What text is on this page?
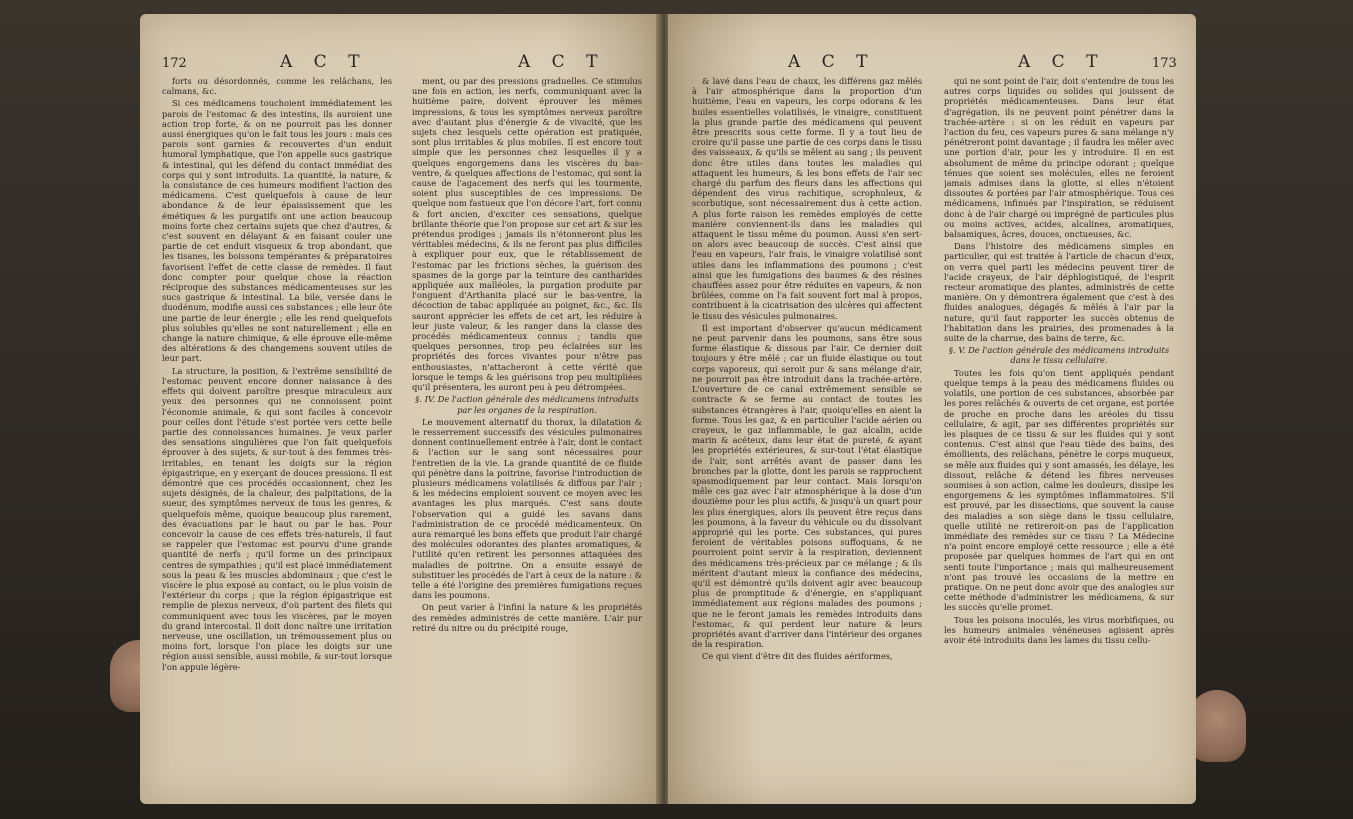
172	A C T	A C T

forts ou désordonnés, comme les relâchans, les calmans, &c.

Si ces médicamens touchoient immédiatement les parois de l'estomac & des intestins, ils auroient une action trop forte, & on ne pourroit pas les donner aussi énergiques qu'on le fait tous les jours : mais ces parois sont garnies & recouvertes d'un enduit humoral lymphatique, que l'on appelle sucs gastrique & intestinal, qui les défend du contact immédiat des corps qui y sont introduits. La quantité, la nature, & la consistance de ces humeurs modifient l'action des médicamens. C'est quelquefois à cause de leur abondance & de leur épaississement que les émétiques & les purgatifs ont une action beaucoup moins forte chez certains sujets que chez d'autres, & c'est souvent en délayant & en faisant couler une partie de cet enduit visqueux & trop abondant, que les tisanes, les boissons tempérantes & préparatoires favorisent l'effet de cette classe de remèdes. Il faut donc compter pour quelque chose la réaction réciproque des substances médicamenteuses sur les sucs gastrique & intestinal. La bile, versée dans le duodénum, modifie aussi ces substances ; elle leur ôte une partie de leur énergie ; elle les rend quelquefois plus solubles qu'elles ne sont naturellement ; elle en change la nature chimique, & elle éprouve elle-même des altérations & des changemens souvent utiles de leur part.

La structure, la position, & l'extrême sensibilité de l'estomac peuvent encore donner naissance à des effets qui doivent paroître presque miraculeux aux yeux des personnes qui ne connoissent point l'économie animale, & qui sont faciles à concevoir pour celles dont l'étude s'est portée vers cette belle partie des connoissances humaines. Je veux parler des sensations singulières que l'on fait quelquefois éprouver à des sujets, & sur-tout à des femmes très-irritables, en tenant les doigts sur la région épigastrique, en y exerçant de douces pressions. Il est démontré que ces procédés occasionnent, chez les sujets désignés, de la chaleur, des palpitations, de la sueur, des symptômes nerveux de tous les genres, & quelquefois même, quoique beaucoup plus rarement, des évacuations par le haut ou par le bas. Pour concevoir la cause de ces effets très-naturels, il faut se rappeler que l'estomac est pourvu d'une grande quantité de nerfs ; qu'il forme un des principaux centres de sympathies ; qu'il est placé immédiatement sous la peau & les muscles abdominaux ; que c'est le viscère le plus exposé au contact, ou le plus voisin de l'extérieur du corps ; que la région épigastrique est remplie de plexus nerveux, d'où partent des filets qui communiquent avec tous les viscères, par le moyen du grand intercostal. Il doit donc naître une irritation nerveuse, une oscillation, un trémoussement plus ou moins fort, lorsque l'on place les doigts sur une région aussi sensible, aussi mobile, & sur-tout lorsque l'on appuie légère-

ment, ou par des pressions graduelles. Ce stimulus une fois en action, les nerfs, communiquant avec la huitième paire, doivent éprouver les mêmes impressions, & tous les symptômes nerveux paroître avec d'autant plus d'énergie & de vivacité, que les sujets chez lesquels cette opération est pratiquée, sont plus irritables & plus mobiles. Il est encore tout simple que les personnes chez lesquelles il y a quelques engorgemens dans les viscères du bas-ventre, & quelques affections de l'estomac, qui sont la cause de l'agacement des nerfs qui les tourmente, soient plus susceptibles de ces impressions. De quelque nom fastueux que l'on décore l'art, fort connu & fort ancien, d'exciter ces sensations, quelque brillante théorie que l'on propose sur cet art & sur les prétendus prodiges ; jamais ils n'étonneront plus les véritables médecins, & ils ne feront pas plus difficiles à expliquer pour eux, que le rétablissement de l'estomac par les frictions sèches, la guérison des spasmes de la gorge par la teinture des cantharides appliquée aux malléoles, la purgation produite par l'onguent d'Arthanita placé sur le bas-ventre, la décoction de tabac appliquée au poignet, &c., &c. Ils sauront apprécier les effets de cet art, les réduire à leur juste valeur, & les ranger dans la classe des procédés médicamenteux connus ; tandis que quelques personnes, trop peu éclairées sur les propriétés des forces vivantes pour n'être pas enthousiastes, n'attacheront à cette vérité que lorsque le temps & les guérisons trop peu multipliées qu'il présentera, les auront peu à peu détrompées.

§. IV. De l'action générale des médicamens introduits par les organes de la respiration.

Le mouvement alternatif du thorax, la dilatation & le resserrement successifs des vésicules pulmonaires donnent continuellement entrée à l'air, dont le contact & l'action sur le sang sont nécessaires pour l'entretien de la vie. La grande quantité de ce fluide qui pénètre dans la poitrine, favorise l'introduction de plusieurs médicamens volatilisés & diffous par l'air ; & les médecins emploient souvent ce moyen avec les avantages les plus marqués. C'est sans doute l'observation qui a guidé les savans dans l'administration de ce procédé médicamenteux. On aura remarqué les bons effets que produit l'air chargé des molécules odorantes des plantes aromatiques, & l'utilité qu'en retirent les personnes attaquées des maladies de poitrine. On a ensuite essayé de substituer les procédés de l'art à ceux de la nature : & telle a été l'origine des premières fumigations reçues dans les poumons.

On peut varier à l'infini la nature & les propriétés des remèdes administrés de cette manière. L'air pur retiré du nitre ou du précipité rouge,

A C T	A C T	173

& lavé dans l'eau de chaux, les différens gaz mêlés à l'air atmosphérique dans la proportion d'un huitième, l'eau en vapeurs, les corps odorans & les huiles essentielles volatilisés, le vinaigre, constituent la plus grande partie des médicamens qui peuvent être prescrits sous cette forme. Il y a tout lieu de croire qu'il passe une partie de ces corps dans le tissu des vaisseaux, & qu'ils se mêlent au sang ; ils peuvent donc être utiles dans toutes les maladies qui attaquent les humeurs, & les bons effets de l'air sec chargé du parfum des fleurs dans les affections qui dépendent des virus rachitique, scrophuleux, & scorbutique, sont nécessairement dus à cette action. A plus forte raison les remèdes employés de cette manière conviennent-ils dans les maladies qui attaquent le tissu même du poumon. Aussi s'en sert-on alors avec beaucoup de succès. C'est ainsi que l'eau en vapeurs, l'air frais, le vinaigre volatilisé sont utiles dans les inflammations des poumons ; c'est ainsi que les fumigations des baumes & des résines chauffées assez pour être réduites en vapeurs, & non brûlées, comme on l'a fait souvent fort mal à propos, contribuent à la cicatrisation des ulcères qui affectent le tissu des vésicules pulmonaires.

Il est important d'observer qu'aucun médicament ne peut parvenir dans les poumons, sans être sous forme élastique & dissous par l'air. Ce dernier doit toujours y être mêlé ; car un fluide élastique ou tout corps vaporeux, qui seroit pur & sans mélange d'air, ne pourroit pas être introduit dans la trachée-artère. L'ouverture de ce canal extrêmement sensible se contracte & se ferme au contact de toutes les substances étrangères à l'air, quoiqu'elles en aient la forme. Tous les gaz, & en particulier l'acide aérien ou crayeux, le gaz inflammable, le gaz alcalin, acide marin & acéteux, dans leur état de pureté, & ayant les propriétés extérieures, & sur-tout l'état élastique de l'air, sont arrêtés avant de passer dans les bronches par la glotte, dont les parois se rapprochent spasmodiquement par leur contact. Mais lorsqu'on mêle ces gaz avec l'air atmosphérique à la dose d'un douzième pour les plus actifs, & jusqu'à un quart pour les plus énergiques, alors ils peuvent être reçus dans les poumons, à la faveur du véhicule ou du dissolvant approprié qui les porte. Ces substances, qui pures feroient de véritables poisons suffoquans, & ne pourroient point servir à la respiration, deviennent des médicamens très-précieux par ce mélange ; & ils méritent d'autant mieux la confiance des médecins, qu'il est démontré qu'ils doivent agir avec beaucoup plus de promptitude & d'énergie, en s'appliquant immédiatement aux régions malades des poumons ; que ne le feront jamais les remèdes introduits dans l'estomac, & qui perdent leur nature & leurs propriétés avant d'arriver dans l'intérieur des organes de la respiration.

Ce qui vient d'être dit des fluides aériformes,

qui ne sont point de l'air, doit s'entendre de tous les autres corps liquides ou solides qui jouissent de propriétés médicamenteuses. Dans leur état d'agrégation, ils ne peuvent point pénétrer dans la trachée-artère : si on les réduit en vapeurs par l'action du feu, ces vapeurs pures & sans mélange n'y pénétreront point davantage ; il faudra les mêler avec une portion d'air, pour les y introduire. Il en est absolument de même du principe odorant ; quelque ténues que soient ses molécules, elles ne feroient jamais admises dans la glotte, si elles n'étoient dissoutes & portées par l'air atmosphérique. Tous ces médicamens, infinués par l'inspiration, se réduisent donc à de l'air chargé ou imprégné de particules plus ou moins actives, acides, alcalines, aromatiques, balsamiques, âcres, douces, onctueuses, &c.

Dans l'histoire des médicamens simples en particulier, qui est traitée à l'article de chacun d'eux, on verra quel parti les médecins peuvent tirer de l'acide crayeux, de l'air déphlogistiqué, de l'esprit recteur aromatique des plantes, administrés de cette manière. On y démontrera également que c'est à des fluides analogues, dégagés & mêlés à l'air par la nature, qu'il faut rapporter les succès obtenus de l'habitation dans les prairies, des promenades à la suite de la charrue, des bains de terre, &c.

§. V. De l'action générale des médicamens introduits dans le tissu cellulaire.

Toutes les fois qu'on tient appliqués pendant quelque temps à la peau des médicamens fluides ou volatils, une portion de ces substances, absorbée par les pores relâchés & ouverts de cet organe, est portée de proche en proche dans les aréoles du tissu cellulaire, & agit, par ses différentes propriétés sur les plaques de ce tissu & sur les fluides qui y sont contenus. C'est ainsi que l'eau tiède des bains, des émollients, des relâchans, pénètre le corps muqueux, se mêle aux fluides qui y sont amassés, les délaye, les dissout, relâche & détend les fibres nerveuses soumises à son action, calme les douleurs, dissipe les engorgemens & les symptômes inflammatoires. S'il est prouvé, par les dissections, que souvent la cause des maladies a son siège dans le tissu cellulaire, quelle utilité ne retireroit-on pas de l'application immédiate des remèdes sur ce tissu ? La Médecine n'a point encore employé cette ressource ; elle a été proposée par quelques hommes de l'art qui en ont senti toute l'importance ; mais qui malheureusement n'ont pas trouvé les occasions de la mettre en pratique. On ne peut donc avoir que des analogies sur cette méthode d'administrer les médicamens, & sur les succès qu'elle promet.

Tous les poisons inoculés, les virus morbifiques, ou les humeurs animales vénéneuses agissent après avoir été introduits dans les lames du tissu cellu-
